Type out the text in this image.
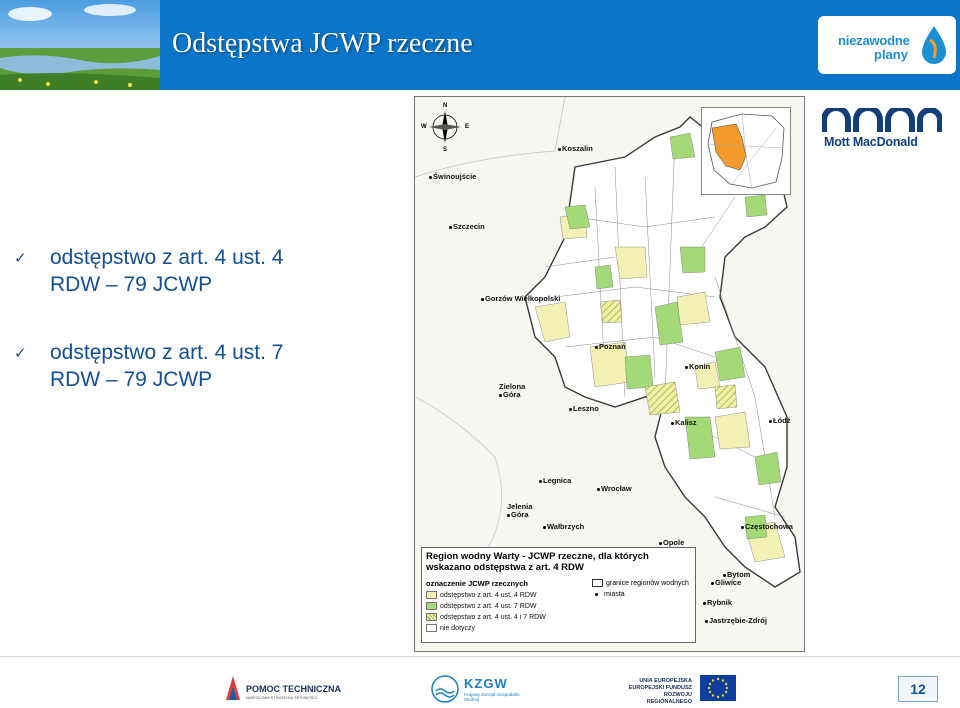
Odstępstwa JCWP rzeczne	niezawodne
plany
Mott MacDonald
✓ odstępstwo z art. 4 ust. 4
RDW – 79 JCWP
✓ odstępstwo z art. 4 ust. 7
RDW – 79 JCWP
N
E
S
W
Koszalin
Świnoujście
Szczecin
Gorzów Wielkopolski
Poznań
Konin
Zielona
Góra
Leszno
Kalisz	Łódź
Legnica
Wrocław
Jelenia
Góra
Wałbrzych
Opole
Częstochowa
Bytom
Gliwice
Rybnik
Jastrzębie-Zdrój
Region wodny Warty - JCWP rzeczne, dla których wskazano odstępstwa z art. 4 RDW
oznaczenie JCWP rzecznych
odstępstwo z art. 4 ust. 4 RDW
odstępstwo z art. 4 ust. 7 RDW
odstępstwo z art. 4 ust. 4 i 7 RDW
nie dotyczy
granice regionów wodnych
miasta
POMOC TECHNICZNA
NARODOWA STRATEGIA SPÓJNOŚCI
KZGW
Krajowy Zarząd Gospodarki Wodnej
UNIA EUROPEJSKA
EUROPEJSKI FUNDUSZ
ROZWOJU REGIONALNEGO
12
